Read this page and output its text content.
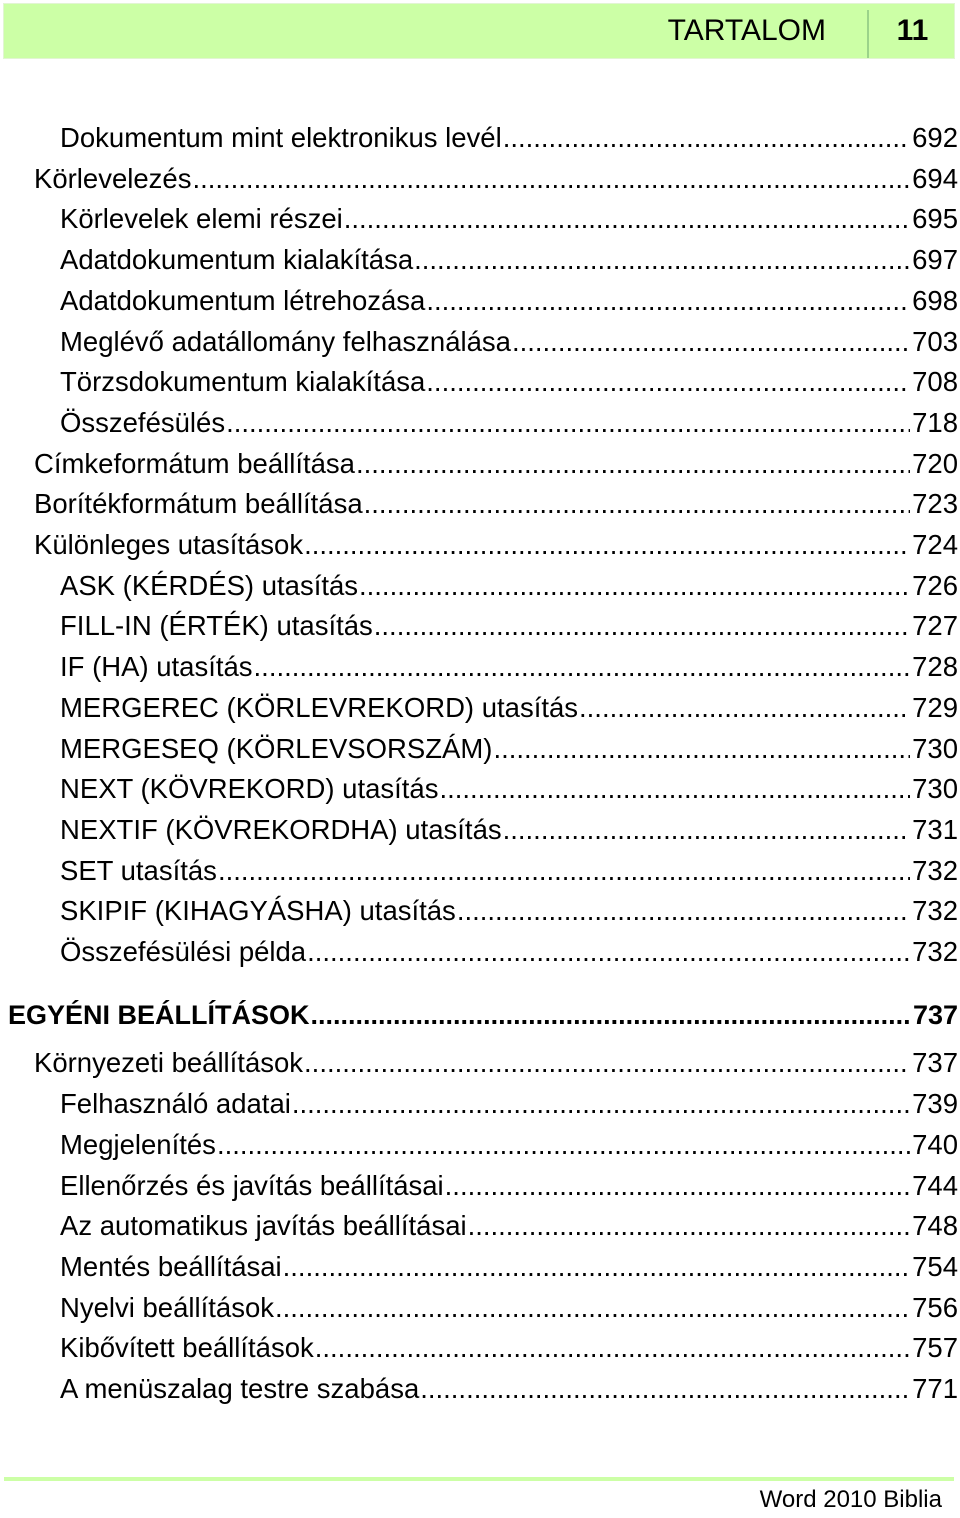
TARTALOM	11
Dokumentum mint elektronikus levél .....	692
Körlevelezés .....	694
Körlevelek elemi részei .....	695
Adatdokumentum kialakítása .....	697
Adatdokumentum létrehozása .....	698
Meglévő adatállomány felhasználása .....	703
Törzsdokumentum kialakítása .....	708
Összefésülés .....	718
Címkeformátum beállítása .....	720
Borítékformátum beállítása .....	723
Különleges utasítások .....	724
ASK (KÉRDÉS) utasítás .....	726
FILL-IN (ÉRTÉK) utasítás .....	727
IF (HA) utasítás .....	728
MERGEREC (KÖRLEVREKORD) utasítás .....	729
MERGESEQ (KÖRLEVSORSZÁM) .....	730
NEXT (KÖVREKORD) utasítás .....	730
NEXTIF (KÖVREKORDHA) utasítás .....	731
SET utasítás .....	732
SKIPIF (KIHAGYÁSHA) utasítás .....	732
Összefésülési példa .....	732
EGYÉNI BEÁLLÍTÁSOK .....	737
Környezeti beállítások .....	737
Felhasználó adatai .....	739
Megjelenítés .....	740
Ellenőrzés és javítás beállításai .....	744
Az automatikus javítás beállításai .....	748
Mentés beállításai .....	754
Nyelvi beállítások .....	756
Kibővített beállítások .....	757
A menüszalag testre szabása .....	771
Word 2010 Biblia
